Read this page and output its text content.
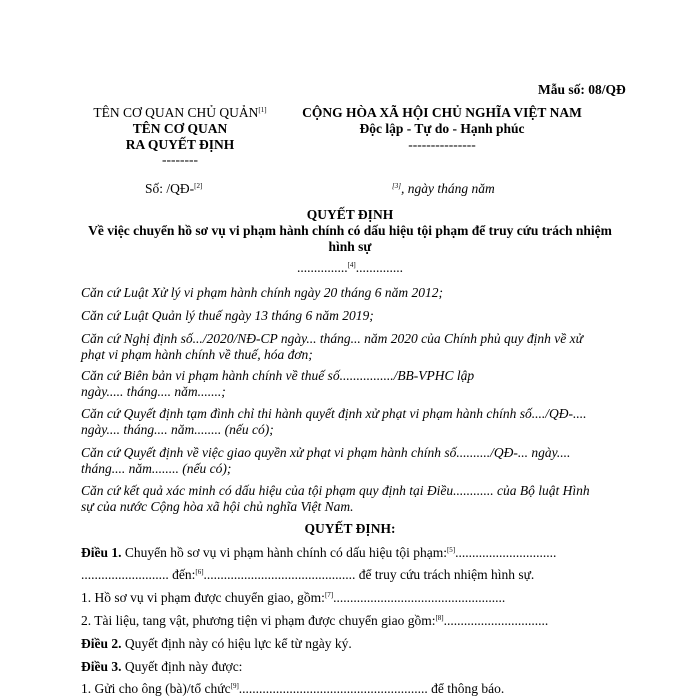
Mẫu số: 08/QĐ
TÊN CƠ QUAN CHỦ QUẢN[1]
TÊN CƠ QUAN
RA QUYẾT ĐỊNH
--------
CỘNG HÒA XÃ HỘI CHỦ NGHĨA VIỆT NAM
Độc lập - Tự do - Hạnh phúc
---------------
Số: /QĐ-[2]	[3], ngày tháng năm
QUYẾT ĐỊNH
Về việc chuyển hồ sơ vụ vi phạm hành chính có dấu hiệu tội phạm để truy cứu trách nhiệm
hình sự
...............[4]..............
Căn cứ Luật Xử lý vi phạm hành chính ngày 20 tháng 6 năm 2012;
Căn cứ Luật Quản lý thuế ngày 13 tháng 6 năm 2019;
Căn cứ Nghị định số.../2020/NĐ-CP ngày... tháng... năm 2020 của Chính phủ quy định về xử
phạt vi phạm hành chính về thuế, hóa đơn;
Căn cứ Biên bản vi phạm hành chính về thuế số................/BB-VPHC lập
ngày..... tháng.... năm.......;
Căn cứ Quyết định tạm đình chỉ thi hành quyết định xử phạt vi phạm hành chính số..../QĐ-....
ngày.... tháng.... năm........ (nếu có);
Căn cứ Quyết định về việc giao quyền xử phạt vi phạm hành chính số........../QĐ-... ngày....
tháng.... năm........ (nếu có);
Căn cứ kết quả xác minh có dấu hiệu của tội phạm quy định tại Điều............ của Bộ luật Hình
sự của nước Cộng hòa xã hội chủ nghĩa Việt Nam.
QUYẾT ĐỊNH:
Điều 1. Chuyển hồ sơ vụ vi phạm hành chính có dấu hiệu tội phạm:[5]..............................
.......................... đến:[6]............................................. để truy cứu trách nhiệm hình sự.
1. Hồ sơ vụ vi phạm được chuyển giao, gồm:[7]...................................................
2. Tài liệu, tang vật, phương tiện vi phạm được chuyển giao gồm:[8]...............................
Điều 2. Quyết định này có hiệu lực kể từ ngày ký.
Điều 3. Quyết định này được:
1. Gửi cho ông (bà)/tổ chức[9]........................................................ để thông báo.
